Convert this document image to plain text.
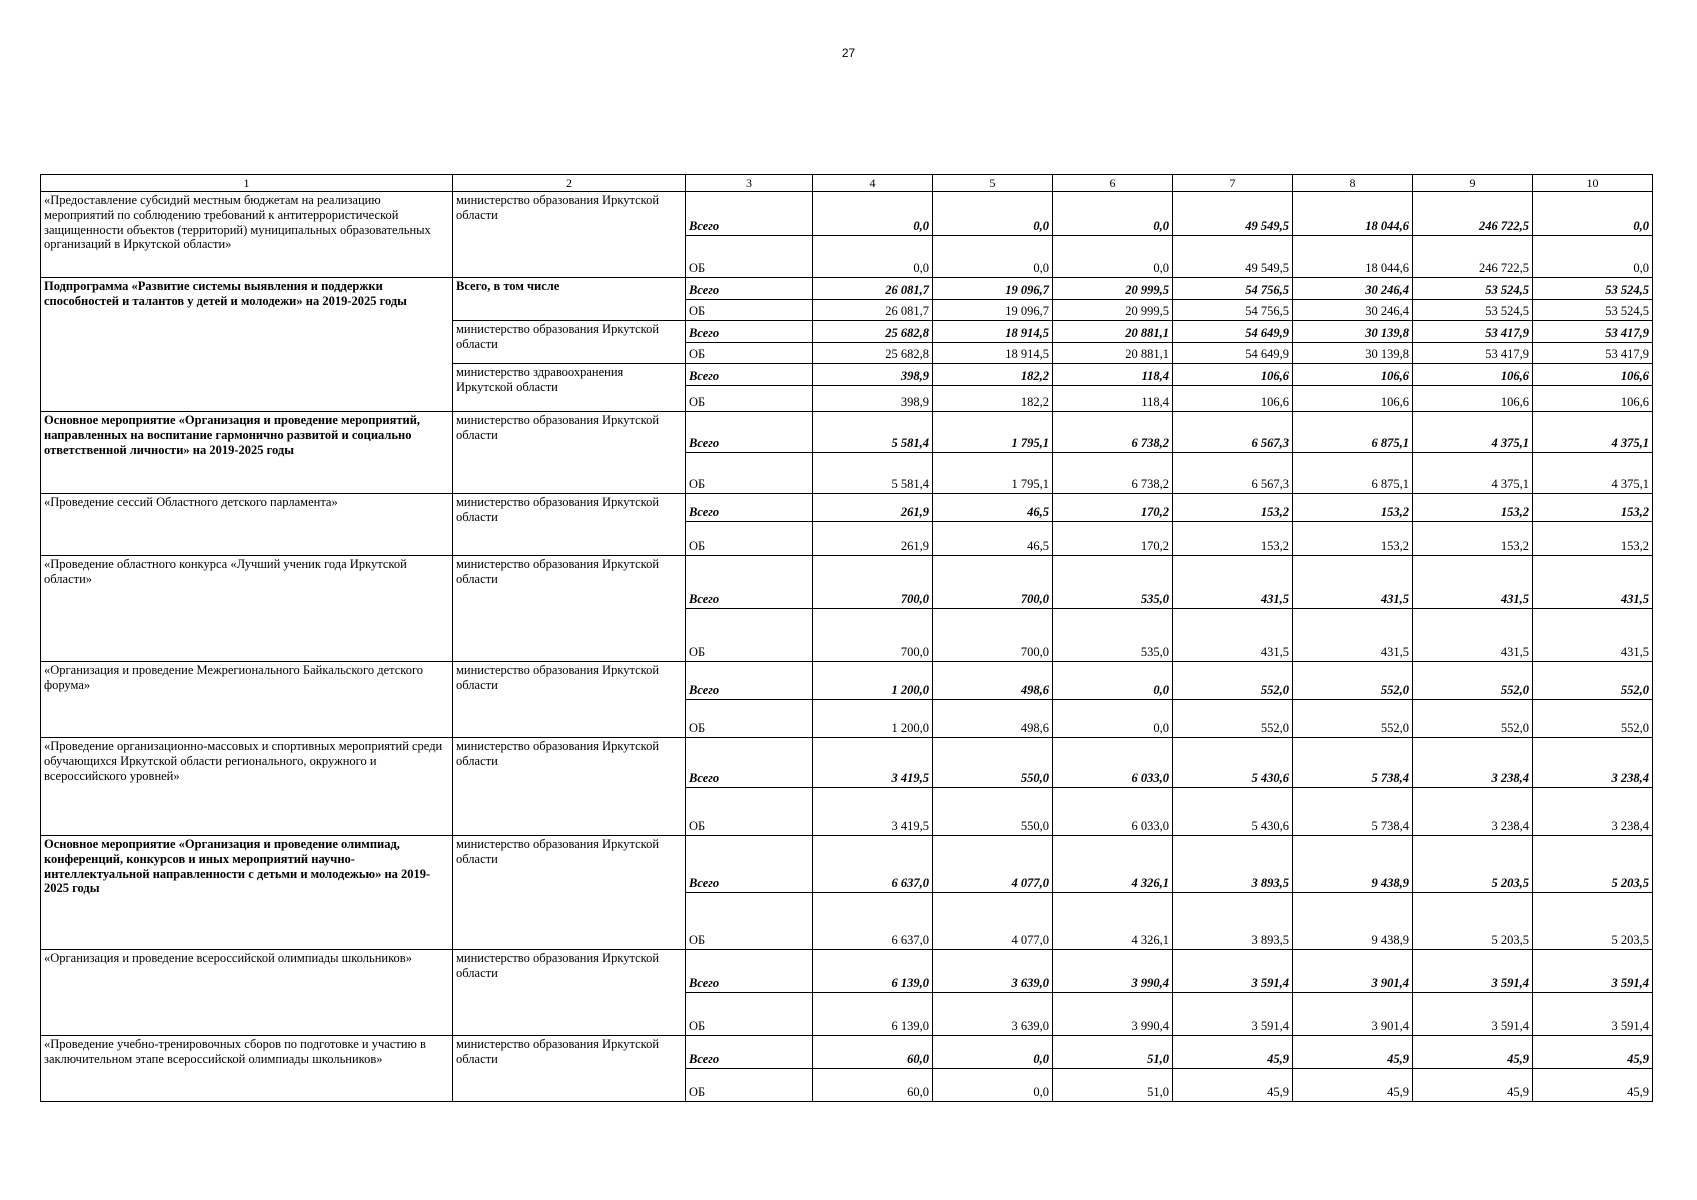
27
1	2	3	4	5	6	7	8	9	10
«Предоставление субсидий местным бюджетам на реализацию мероприятий по соблюдению требований к антитеррористической защищенности объектов (территорий) муниципальных образовательных организаций в Иркутской области»	министерство образования Иркутской области	Всего	0,0	0,0	0,0	49 549,5	18 044,6	246 722,5	0,0
		ОБ	0,0	0,0	0,0	49 549,5	18 044,6	246 722,5	0,0
Подпрограмма «Развитие системы выявления и поддержки способностей и талантов у детей и молодежи» на 2019-2025 годы	Всего, в том числе	Всего	26 081,7	19 096,7	20 999,5	54 756,5	30 246,4	53 524,5	53 524,5
		ОБ	26 081,7	19 096,7	20 999,5	54 756,5	30 246,4	53 524,5	53 524,5
	министерство образования Иркутской области	Всего	25 682,8	18 914,5	20 881,1	54 649,9	30 139,8	53 417,9	53 417,9
		ОБ	25 682,8	18 914,5	20 881,1	54 649,9	30 139,8	53 417,9	53 417,9
	министерство здравоохранения Иркутской области	Всего	398,9	182,2	118,4	106,6	106,6	106,6	106,6
		ОБ	398,9	182,2	118,4	106,6	106,6	106,6	106,6
Основное мероприятие «Организация и проведение мероприятий, направленных на воспитание гармонично развитой и социально ответственной личности» на 2019-2025 годы	министерство образования Иркутской области	Всего	5 581,4	1 795,1	6 738,2	6 567,3	6 875,1	4 375,1	4 375,1
		ОБ	5 581,4	1 795,1	6 738,2	6 567,3	6 875,1	4 375,1	4 375,1
«Проведение сессий Областного детского парламента»	министерство образования Иркутской области	Всего	261,9	46,5	170,2	153,2	153,2	153,2	153,2
		ОБ	261,9	46,5	170,2	153,2	153,2	153,2	153,2
«Проведение областного конкурса «Лучший ученик года Иркутской области»	министерство образования Иркутской области	Всего	700,0	700,0	535,0	431,5	431,5	431,5	431,5
		ОБ	700,0	700,0	535,0	431,5	431,5	431,5	431,5
«Организация и проведение Межрегионального Байкальского детского форума»	министерство образования Иркутской области	Всего	1 200,0	498,6	0,0	552,0	552,0	552,0	552,0
		ОБ	1 200,0	498,6	0,0	552,0	552,0	552,0	552,0
«Проведение организационно-массовых и спортивных мероприятий среди обучающихся Иркутской области регионального, окружного и всероссийского уровней»	министерство образования Иркутской области	Всего	3 419,5	550,0	6 033,0	5 430,6	5 738,4	3 238,4	3 238,4
		ОБ	3 419,5	550,0	6 033,0	5 430,6	5 738,4	3 238,4	3 238,4
Основное мероприятие «Организация и проведение олимпиад, конференций, конкурсов и иных мероприятий научно-интеллектуальной направленности с детьми и молодежью» на 2019-2025 годы	министерство образования Иркутской области	Всего	6 637,0	4 077,0	4 326,1	3 893,5	9 438,9	5 203,5	5 203,5
		ОБ	6 637,0	4 077,0	4 326,1	3 893,5	9 438,9	5 203,5	5 203,5
«Организация и проведение всероссийской олимпиады школьников»	министерство образования Иркутской области	Всего	6 139,0	3 639,0	3 990,4	3 591,4	3 901,4	3 591,4	3 591,4
		ОБ	6 139,0	3 639,0	3 990,4	3 591,4	3 901,4	3 591,4	3 591,4
«Проведение учебно-тренировочных сборов по подготовке и участию в заключительном этапе всероссийской олимпиады школьников»	министерство образования Иркутской области	Всего	60,0	0,0	51,0	45,9	45,9	45,9	45,9
		ОБ	60,0	0,0	51,0	45,9	45,9	45,9	45,9
